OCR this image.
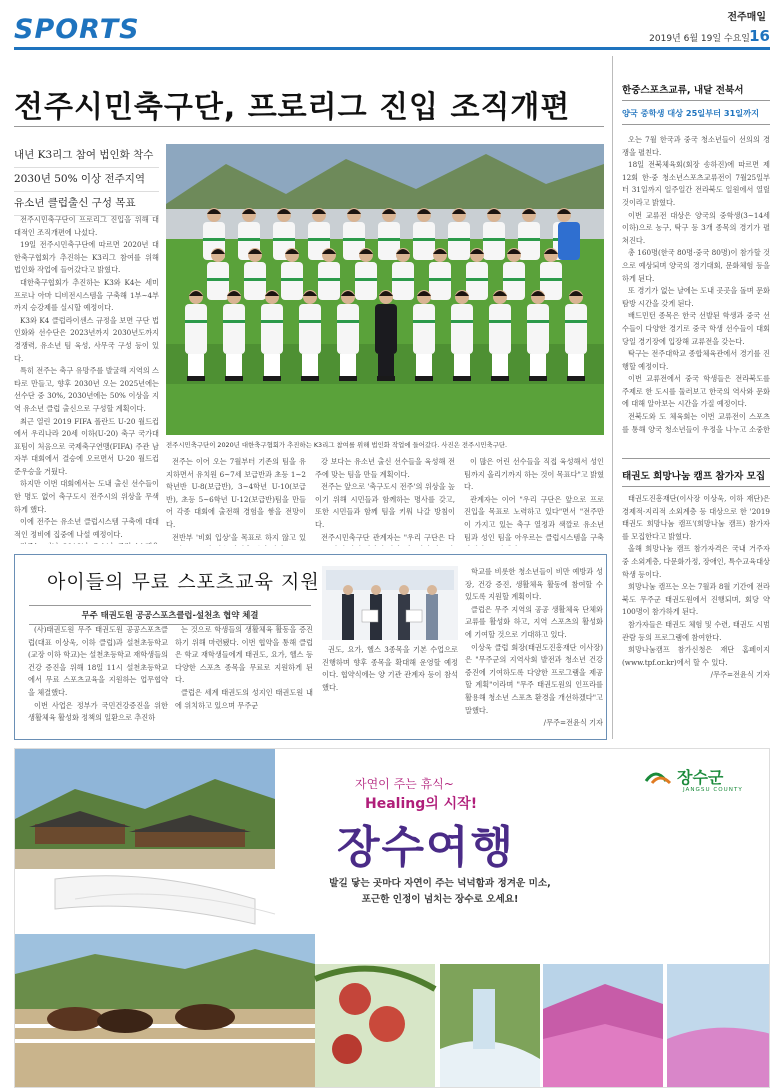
SPORTS	전주매일
2019년 6월 19일 수요일 16
전주시민축구단, 프로리그 진입 조직개편
내년 K3리그 참여 법인화 착수
2030년 50% 이상 전주지역
유소년 클럽출신 구성 목표

전주시민축구단이 프로리그 진입을 위해 대대적인 조직개편에 나섰다.

19일 전주시민축구단에 따르면 2020년 대한축구협회가 추진하는 K3리그 참여를 위해 법인화 작업에 들어갔다고 밝혔다.

대한축구협회가 추진하는 K3와 K4는 세미프로나 아마 디비전시스템을 구축해 1부~4부까지 승강제를 실시할 예정이다.

K3와 K4 클럽라이센스 규정을 보면 구단 법인화와 선수단은 2023년까지 2030년도까지 경쟁력, 유소년 팀 육성, 사무국 구성 등이 있다.

특히 전주는 축구 유망주를 발굴해 지역의 스타로 만들고, 향후 2030년 오는 2025년에는 선수단 중 30%, 2030년에는 50% 이상을 지역 유소년 클럽 출신으로 구성할 계획이다.

최근 열린 2019 FIFA 폴란드 U-20 월드컵에서 우리나라 20세 이하(U-20) 축구 국가대표팀이 처음으로 국제축구연맹(FIFA) 주관 남자부 대회에서 결승에 오르면서 U-20 월드컵 준우승을 거뒀다.

하지만 이번 대회에서는 도내 출신 선수들이 한 명도 없어 축구도시 전주시의 위상을 무색하게 했다.

이에 전주는 유소년 클럽시스템 구축에 대대적인 정비에 집중에 나설 예정이다.

전주시민축구단이 2020년 대한축구협회가 추진하는 K3리그 참여를 위해 법인화 작업에 들어갔다. 사진은 전주시민축구단.

전주는 이어 오는 7월부터 기존의 팀을 유지하면서 유치원 6~7세 보급반과 초등 1~2학년반 U-8(보급반), 3~4학년 U-10(보급반), 초등 5~6학년 U-12(보급반)팀을 만들어 각종 대회에 출전해 경험을 쌓을 전망이다.

전반부 '비회 입상'을 목표로 하지 않고 있

강 보다는 유소년 출신 선수들을 육성해 전주에 맞는 팀을 만들 계획이다.

전주는 앞으로 '축구도시 전주'의 위상을 높이기 위해 시민들과 함께하는 명사를 갖고, 또한 시민들과 함께 팀을 키워 나갈 방침이다.

전주시민축구단 관계자는 "우리 구단은 다

이 많은 어린 선수들을 직접 육성해서 성인팀까지 올리기까지 하는 것이 목표다"고 밝혔다.

관계자는 이어 "우리 구단은 앞으로 프로 진입을 목표로 노력하고 있다"면서 "전주만이 가지고 있는 축구 열정과 색깔로 유소년 팀과 성인 팀을 아우르는 클럽시스템을 구축

한중스포츠교류, 내달 전북서
양국 중학생 대상 25일부터 31일까지

오는 7월 한국과 중국 청소년들이 선의의 경쟁을 펼친다.

18일 전북체육회(회장 송하진)에 따르면 제12회 한·중 청소년스포츠교류전이 7월25일부터 31일까지 일주일간 전라북도 일원에서 열릴 것이라고 밝혔다.

이번 교류전 대상은 양국의 중학생(3~14세 이하)으로 농구, 탁구 등 3개 종목의 경기가 펼쳐진다.

총 160명(한국 80명·중국 80명)이 참가할 것으로 예상되며 양국의 경기대회, 문화체험 등을 하게 된다.

또 경기가 없는 날에는 도내 곳곳을 돌며 문화 탐방 시간을 갖게 된다.

배드민턴 종목은 한국 선발된 학생과 중국 선수들이 다양한 경기로 중국 학생 선수들이 대회 당일 경기장에 입장해 교류전을 갖는다.

탁구는 전주대학교 종합체육관에서 경기를 진행할 예정이다.

이번 교류전에서 중국 학생들은 전라북도를 주제로 한 도시를 둘러보고 한국의 역사와 문화에 대해 알아보는 시간을 가질 예정이다.

전북도와 도 체육회는 이번 교류전이 스포츠를 통해 양국 청소년들이 우정을 나누고 소중한

태권도 희망나눔 캠프 참가자 모집

태권도진흥재단(이사장 이상욱, 이하 재단)은 경제적·지리적 소외계층 등 대상으로 한 '2019 태권도 희망나눔 캠프'(희망나눔 캠프) 참가자를 모집한다고 밝혔다.

올해 희망나눔 캠프 참가자격은 국내 거주자 중 소외계층, 다문화가정, 장애인, 특수교육대상 학생 등이다.

희망나눔 캠프는 오는 7월과 8월 기간에 전라북도 무주군 태권도원에서 진행되며, 회당 약 100명이 참가하게 된다.

참가자들은 태권도 체험 및 수련, 태권도 시범 관람 등의 프로그램에 참여한다.

희망나눔캠프 참가신청은 재단 홈페이지(www.tpf.or.kr)에서 할 수 있다.

/무주=전윤식 기자

아이들의 무료 스포츠교육 지원
무주 태권도원 공공스포츠클럽-설천초 협약 체결

(사)태권도원 무주 태권도원 공공스포츠클럽(대표 이상욱, 이하 클럽)과 설천초등학교(교장 이하 학교)는 설천초등학교 재학생들의 건강 증진을 위해 18일 11시 설천초등학교에서 무료 스포츠교육을 지원하는 업무협약을 체결했다.

이번 사업은 정부가 국민건강증진을 위한 생활체육 활성화 정책의 일환으로 추진하

는 것으로 학생들의 생활체육 활동을 증진하기 위해 마련됐다. 이번 협약을 통해 클럽은 학교 재학생들에게 태권도, 요가, 헬스 등 다양한 스포츠 종목을 무료로 지원하게 된다.

클럽은 세계 태권도의 성지인 태권도원 내에 위치하고 있으며 무주군

권도, 요가, 헬스 3종목을 기본 수업으로 진행하며 향후 종목을 확대해 운영할 예정이다. 협약식에는 양 기관 관계자 등이 참석했다.

학교를 비롯한 청소년들이 비만 예방과 성장, 건강 증진, 생활체육 활동에 참여할 수 있도록 지원할 계획이다.

클럽은 무주 지역의 공공 생활체육 단체와 교류를 활성화 하고, 지역 스포츠의 활성화에 기여할 것으로 기대하고 있다.

이상욱 클럽 회장(태권도진흥재단 이사장)은 "무주군의 지역사회 발전과 청소년 건강 증진에 기여하도록 다양한 프로그램을 제공할 계획"이라며 "무주 태권도원의 인프라를 활용해 청소년 스포츠 환경을 개선하겠다"고 말했다.

/무주=전윤식 기자

자연이 주는 휴식~
Healing의 시작!
장수여행
발길 닿는 곳마다 자연이 주는 넉넉함과 정겨운 미소,
포근한 인정이 넘치는 장수로 오세요!
장수군
JANGSU COUNTY
